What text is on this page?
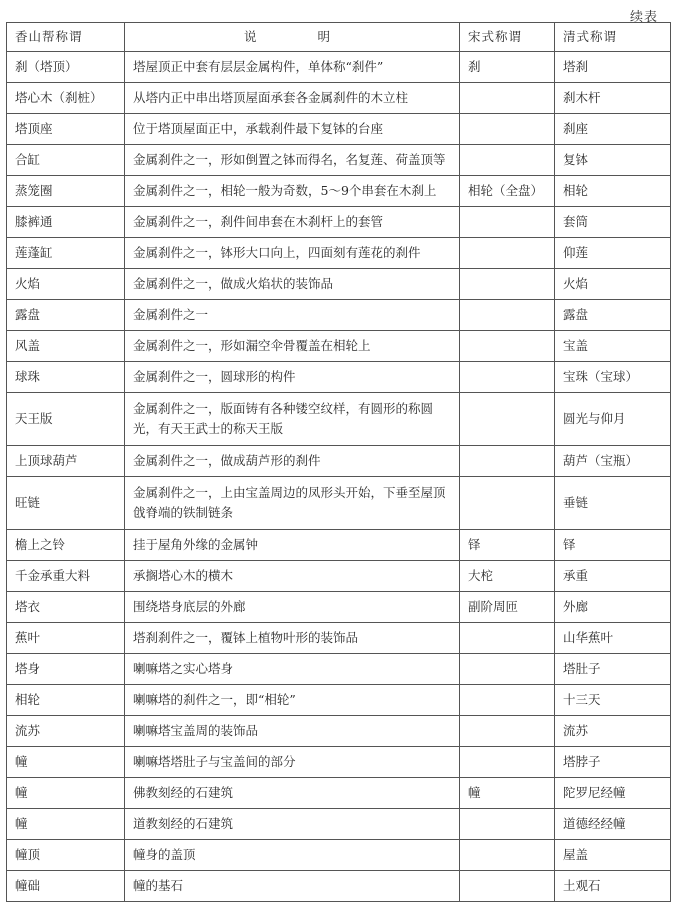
续表
香山帮称谓	说　　明	宋式称谓	清式称谓
刹（塔顶）	塔屋顶正中套有层层金属构件，单体称“刹件”	刹	塔刹
塔心木（刹桩）	从塔内正中串出塔顶屋面承套各金属刹件的木立柱		刹木杆
塔顶座	位于塔顶屋面正中，承载刹件最下复钵的台座		刹座
合缸	金属刹件之一，形如倒置之钵而得名，名复莲、荷盖顶等		复钵
蒸笼圈	金属刹件之一，相轮一般为奇数，5～9个串套在木刹上	相轮（全盘）	相轮
膝裤通	金属刹件之一，刹件间串套在木刹杆上的套管		套筒
莲蓬缸	金属刹件之一，钵形大口向上，四面刻有莲花的刹件		仰莲
火焰	金属刹件之一，做成火焰状的装饰品		火焰
露盘	金属刹件之一		露盘
风盖	金属刹件之一，形如漏空伞骨覆盖在相轮上		宝盖
球珠	金属刹件之一，圆球形的构件		宝珠（宝球）
天王版	金属刹件之一，版面铸有各种镂空纹样，有圆形的称圆光，有天王武士的称天王版		圆光与仰月
上顶球葫芦	金属刹件之一，做成葫芦形的刹件		葫芦（宝瓶）
旺链	金属刹件之一，上由宝盖周边的凤形头开始，下垂至屋顶戗脊端的铁制链条		垂链
檐上之铃	挂于屋角外缘的金属钟	铎	铎
千金承重大料	承搁塔心木的横木	大柁	承重
塔衣	围绕塔身底层的外廊	副阶周匝	外廊
蕉叶	塔刹刹件之一，覆钵上植物叶形的装饰品		山华蕉叶
塔身	喇嘛塔之实心塔身		塔肚子
相轮	喇嘛塔的刹件之一，即“相轮”		十三天
流苏	喇嘛塔宝盖周的装饰品		流苏
幢	喇嘛塔塔肚子与宝盖间的部分		塔脖子
幢	佛教刻经的石建筑	幢	陀罗尼经幢
幢	道教刻经的石建筑		道德经经幢
幢顶	幢身的盖顶		屋盖
幢础	幢的基石		土观石
